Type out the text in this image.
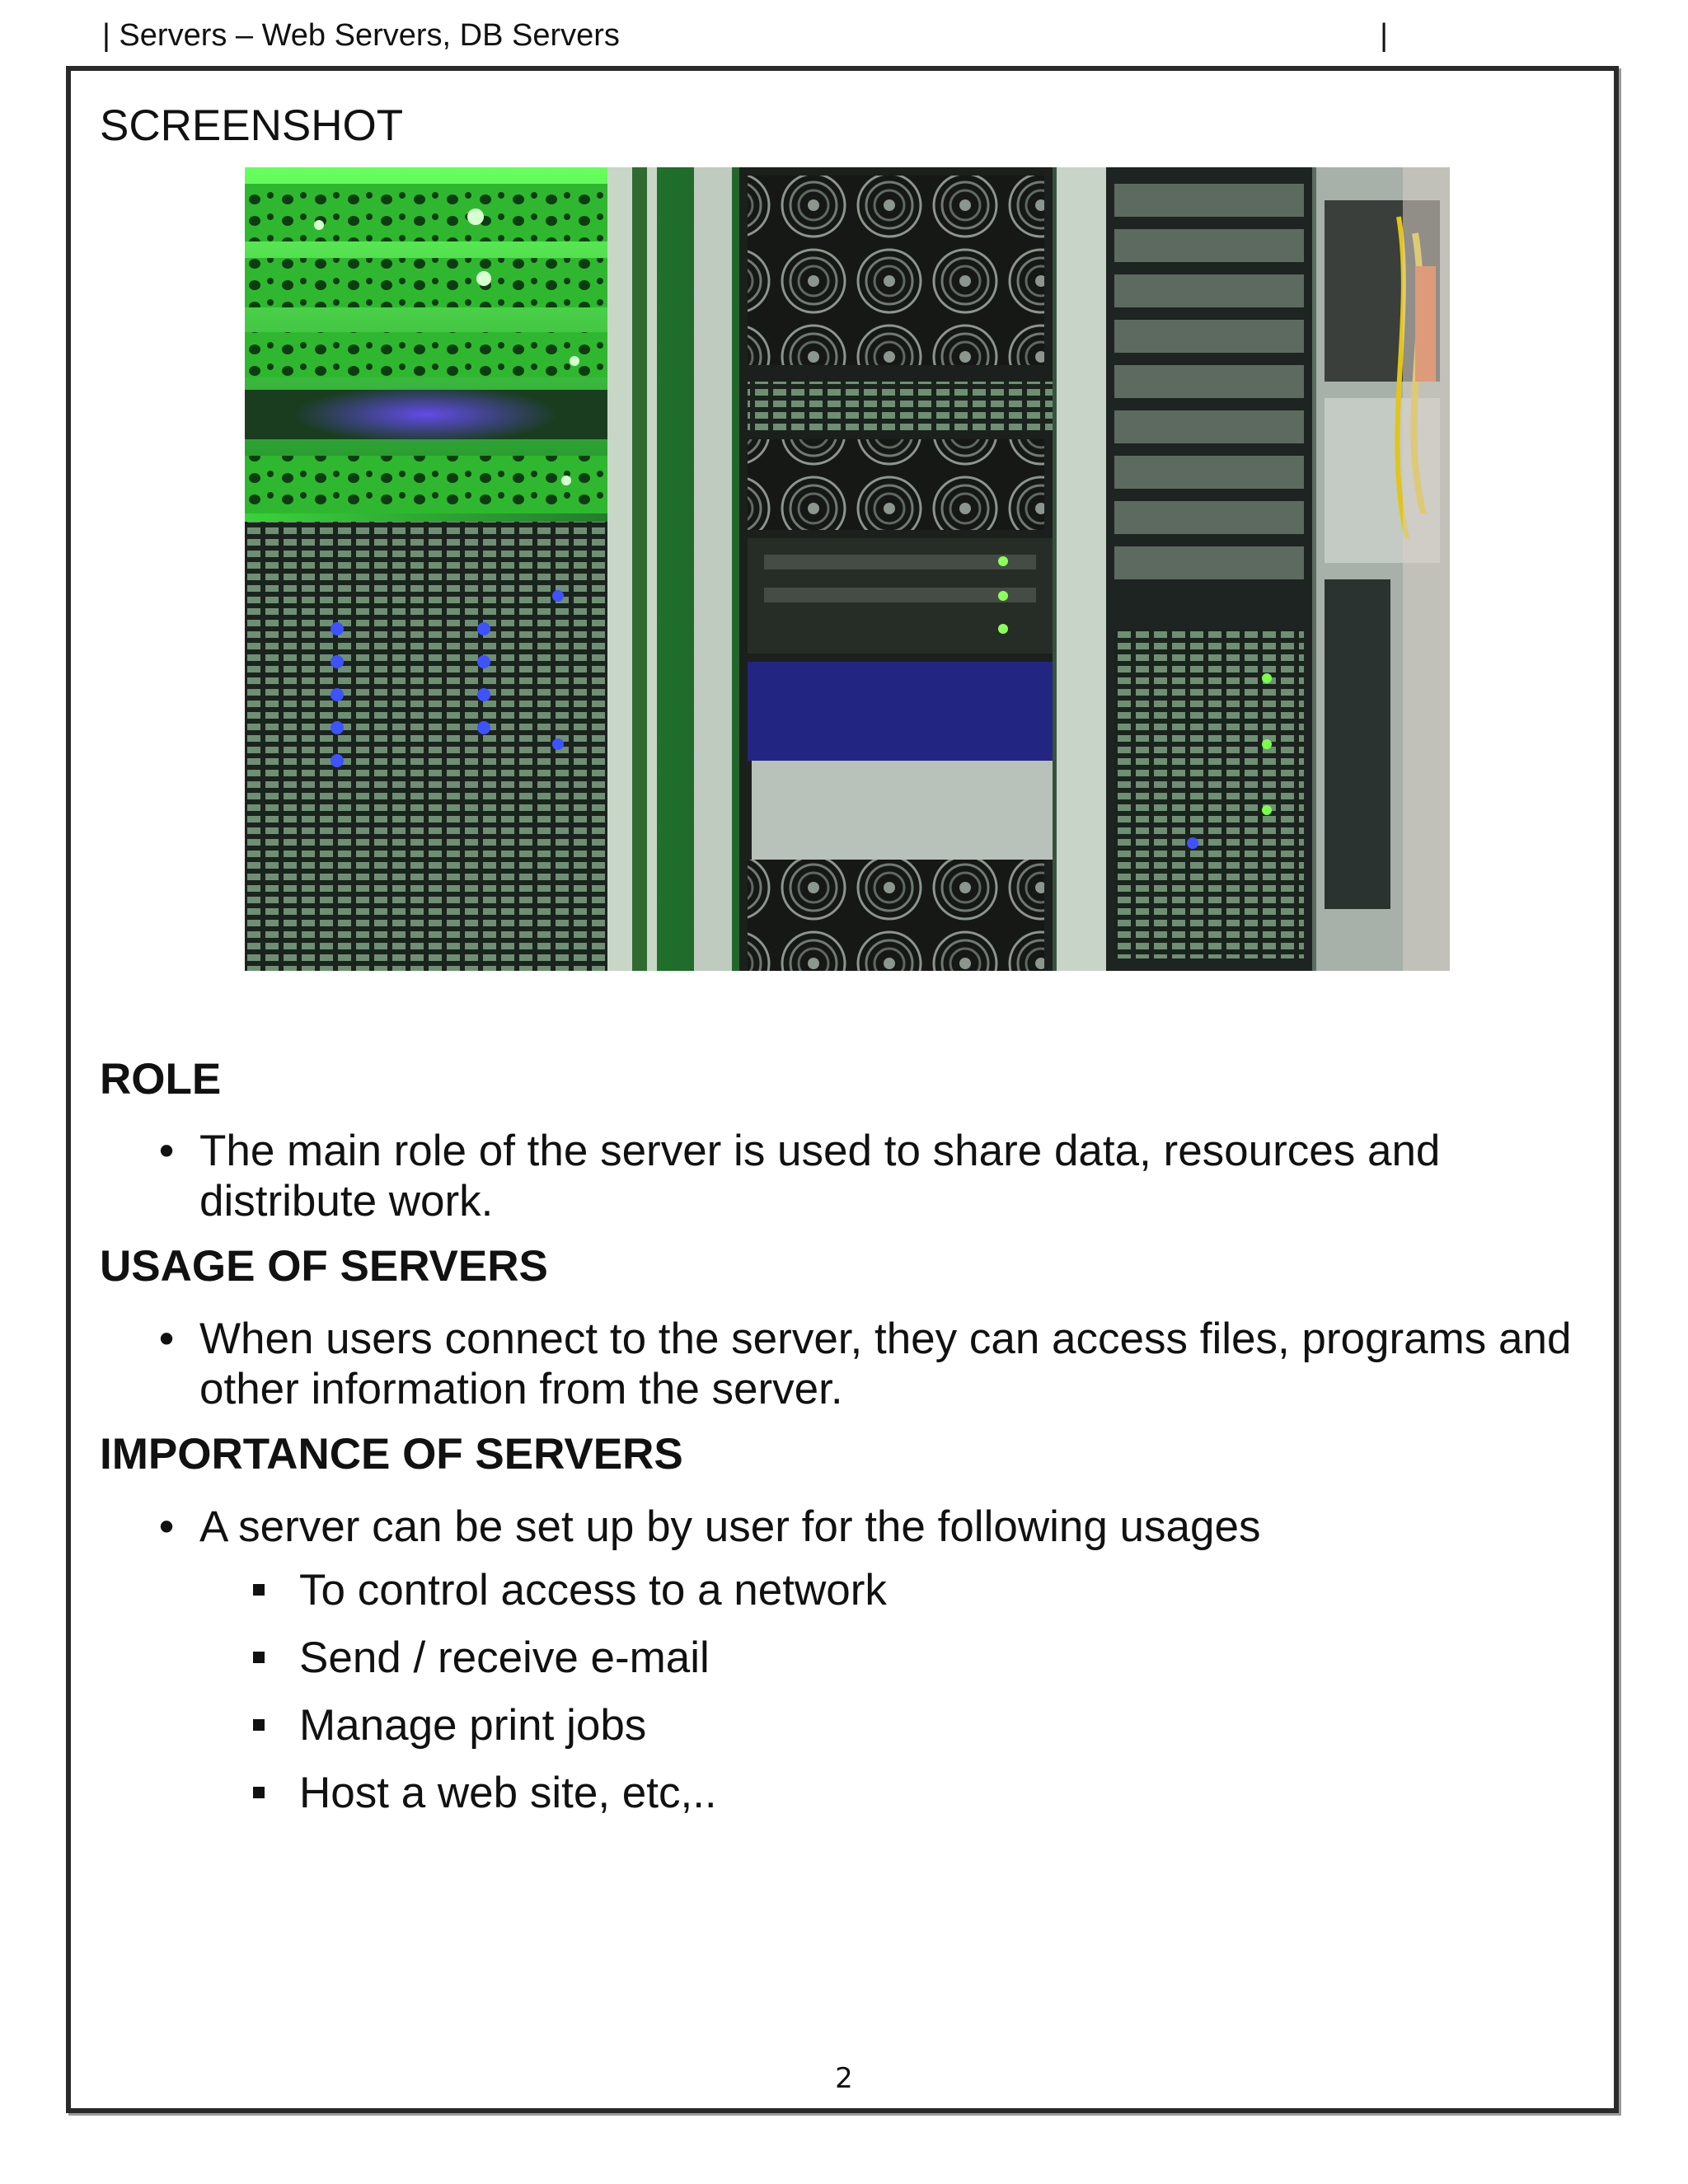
| Servers – Web Servers, DB Servers	|
SCREENSHOT
ROLE
• The main role of the server is used to share data, resources and
distribute work.
USAGE OF SERVERS
• When users connect to the server, they can access files, programs and
other information from the server.
IMPORTANCE OF SERVERS
• A server can be set up by user for the following usages
To control access to a network
Send / receive e-mail
Manage print jobs
Host a web site, etc,..
2
